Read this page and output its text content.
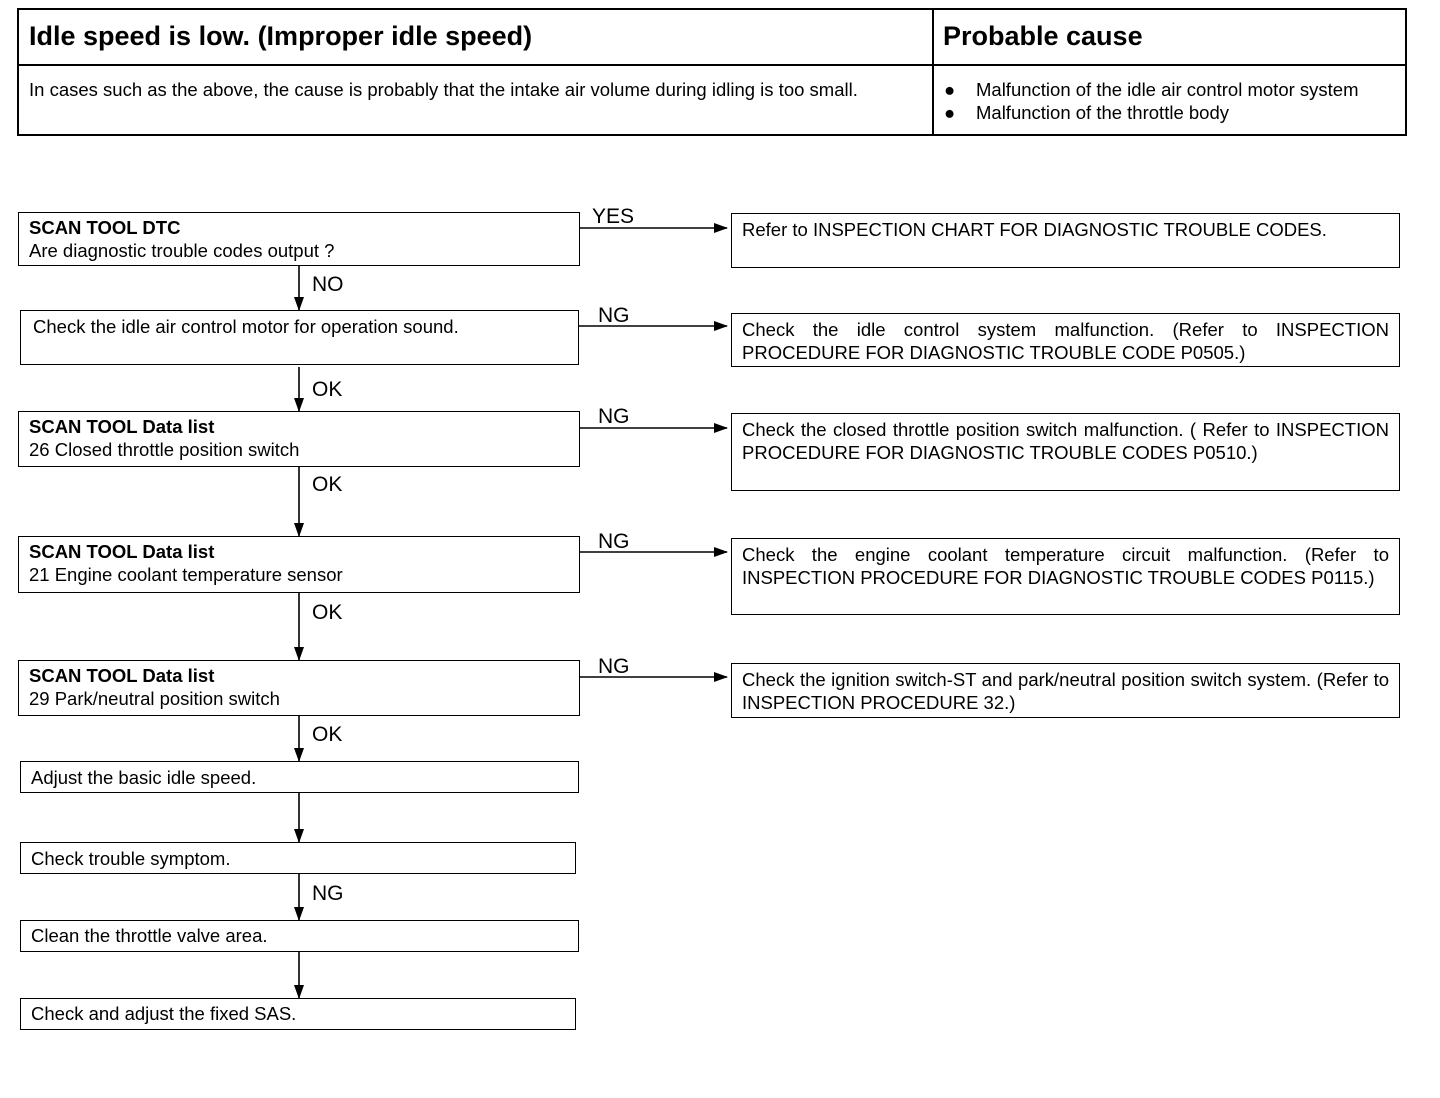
Idle speed is low. (Improper idle speed)	Probable cause
In cases such as the above, the cause is probably that the intake air volume during idling is too small.	● Malfunction of the idle air control motor system
● Malfunction of the throttle body
SCAN TOOL DTC
Are diagnostic trouble codes output ?
Check the idle air control motor for operation sound.
SCAN TOOL Data list
26 Closed throttle position switch
SCAN TOOL Data list
21 Engine coolant temperature sensor
SCAN TOOL Data list
29 Park/neutral position switch
Adjust the basic idle speed.
Check trouble symptom.
Clean the throttle valve area.
Check and adjust the fixed SAS.
Refer to INSPECTION CHART FOR DIAGNOSTIC TROUBLE CODES.
Check the idle control system malfunction. (Refer to INSPECTION PROCEDURE FOR DIAGNOSTIC TROUBLE CODE P0505.)
Check the closed throttle position switch malfunction. ( Refer to INSPECTION PROCEDURE FOR DIAGNOSTIC TROUBLE CODES P0510.)
Check the engine coolant temperature circuit malfunction. (Refer to INSPECTION PROCEDURE FOR DIAGNOSTIC TROUBLE CODES P0115.)
Check the ignition switch-ST and park/neutral position switch system. (Refer to INSPECTION PROCEDURE 32.)
NO
OK
OK
OK
OK
NG
YES
NG
NG
NG
NG
